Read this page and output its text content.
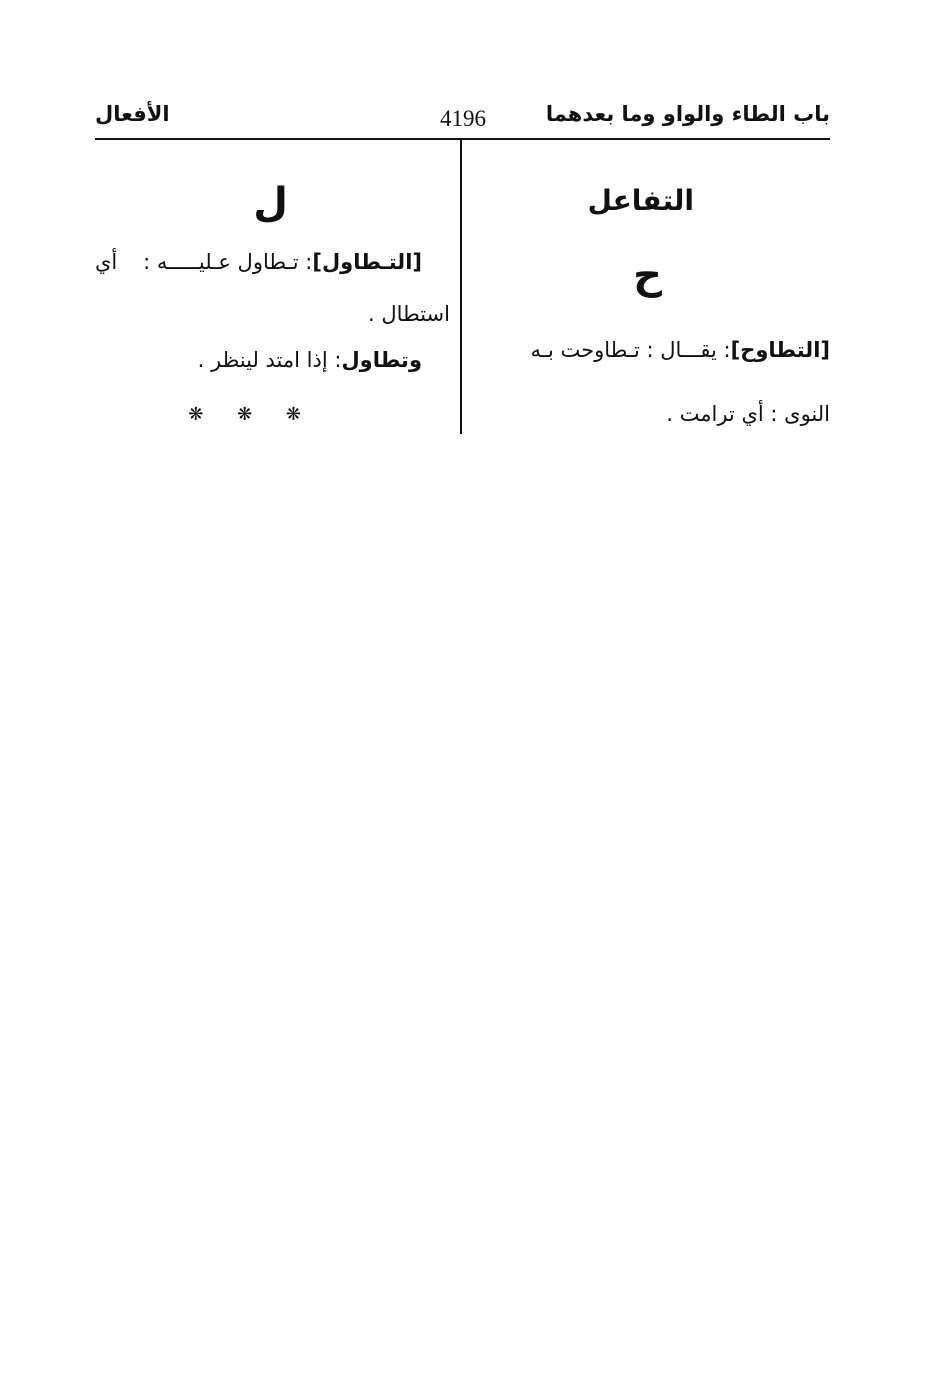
باب الطاء والواو وما بعدهما
4196
الأفعال
التفاعل
ح
[التطاوح]: يقـــال : تـطاوحت بـه
النوى : أي ترامت .
ل
[التـطاول]: تـطاول عـليـــــه :
أي
استطال .
وتطاول: إذا امتد لينظر .
❋ ❋ ❋
